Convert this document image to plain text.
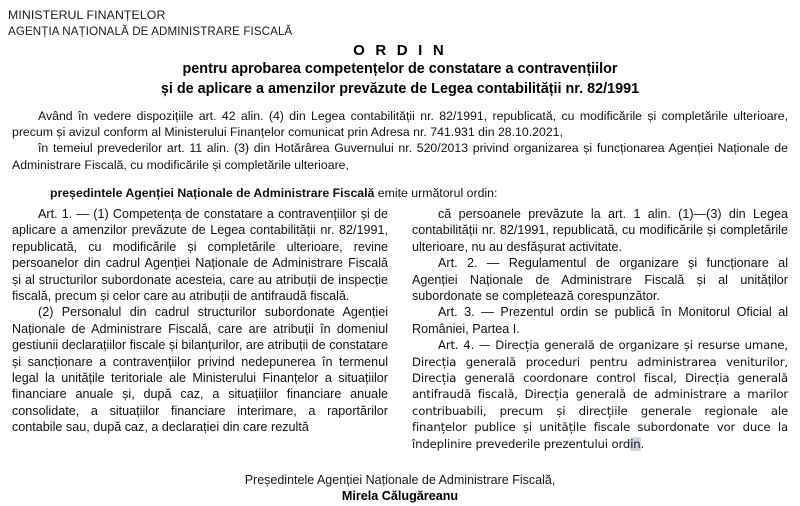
MINISTERUL FINANȚELOR
AGENȚIA NAȚIONALĂ DE ADMINISTRARE FISCALĂ
O R D I N
pentru aprobarea competențelor de constatare a contravențiilor
și de aplicare a amenzilor prevăzute de Legea contabilității nr. 82/1991

Având în vedere dispozițiile art. 42 alin. (4) din Legea contabilității nr. 82/1991, republicată, cu modificările și completările ulterioare, precum și avizul conform al Ministerului Finanțelor comunicat prin Adresa nr. 741.931 din 28.10.2021,

în temeiul prevederilor art. 11 alin. (3) din Hotărârea Guvernului nr. 520/2013 privind organizarea și funcționarea Agenției Naționale de Administrare Fiscală, cu modificările și completările ulterioare,

președintele Agenției Naționale de Administrare Fiscală emite următorul ordin:

Art. 1. — (1) Competența de constatare a contravențiilor și de aplicare a amenzilor prevăzute de Legea contabilității nr. 82/1991, republicată, cu modificările și completările ulterioare, revine persoanelor din cadrul Agenției Naționale de Administrare Fiscală și al structurilor subordonate acesteia, care au atribuții de inspecție fiscală, precum și celor care au atribuții de antifraudă fiscală.

(2) Personalul din cadrul structurilor subordonate Agenției Naționale de Administrare Fiscală, care are atribuții în domeniul gestiunii declarațiilor fiscale și bilanțurilor, are atribuții de constatare și sancționare a contravențiilor privind nedepunerea în termenul legal la unitățile teritoriale ale Ministerului Finanțelor a situațiilor financiare anuale și, după caz, a situațiilor financiare anuale consolidate, a situațiilor financiare interimare, a raportărilor contabile sau, după caz, a declarației din care rezultă

că persoanele prevăzute la art. 1 alin. (1)—(3) din Legea contabilității nr. 82/1991, republicată, cu modificările și completările ulterioare, nu au desfășurat activitate.

Art. 2. — Regulamentul de organizare și funcționare al Agenției Naționale de Administrare Fiscală și al unităților subordonate se completează corespunzător.

Art. 3. — Prezentul ordin se publică în Monitorul Oficial al României, Partea I.

Art. 4. — Direcția generală de organizare și resurse umane, Direcția generală proceduri pentru administrarea veniturilor, Direcția generală coordonare control fiscal, Direcția generală antifraudă fiscală, Direcția generală de administrare a marilor contribuabili, precum și direcțiile generale regionale ale finanțelor publice și unitățile fiscale subordonate vor duce la îndeplinire prevederile prezentului ordin.

Președintele Agenției Naționale de Administrare Fiscală,
Mirela Călugăreanu
